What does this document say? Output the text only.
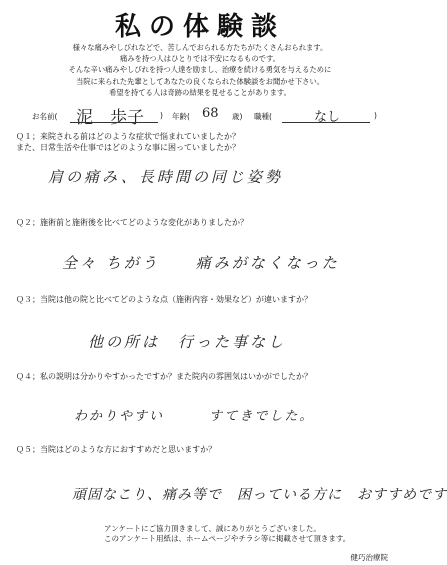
私の体験談
様々な痛みやしびれなどで、苦しんでおられる方たちがたくさんおられます。
痛みを持つ人はひとりでは不安になるものです。
そんな辛い痛みやしびれを持つ人達を励まし、治療を続ける勇気を与えるために
当院に来られた先輩としてあなたの良くなられた体験談をお聞かせ下さい。
希望を持てる人は奇跡の結果を見せることがあります。
お名前( 泥　歩子 ) 年齢( 68 歳) 職種(	なし	)
Ｑ１；来院される前はどのような症状で悩まれていましたか？
また、日常生活や仕事ではどのような事に困っていましたか？
肩の痛み、長時間の同じ姿勢
Ｑ２；施術前と施術後を比べてどのような変化がありましたか？
全々 ちがう　　痛みがなくなった
Ｑ３；当院は他の院と比べてどのような点（施術内容・効果など）が違いますか？
他の所は　行った事なし
Ｑ４；私の説明は分かりやすかったですか？また院内の雰囲気はいかがでしたか？
わかりやすい　　　すてきでした。
Ｑ５；当院はどのような方におすすめだと思いますか？
頑固なこり、痛み等で　困っている方に　おすすめです
アンケートにご協力頂きまして、誠にありがとうございました。
このアンケート用紙は、ホームページやチラシ等に掲載させて頂きます。
健巧治療院
